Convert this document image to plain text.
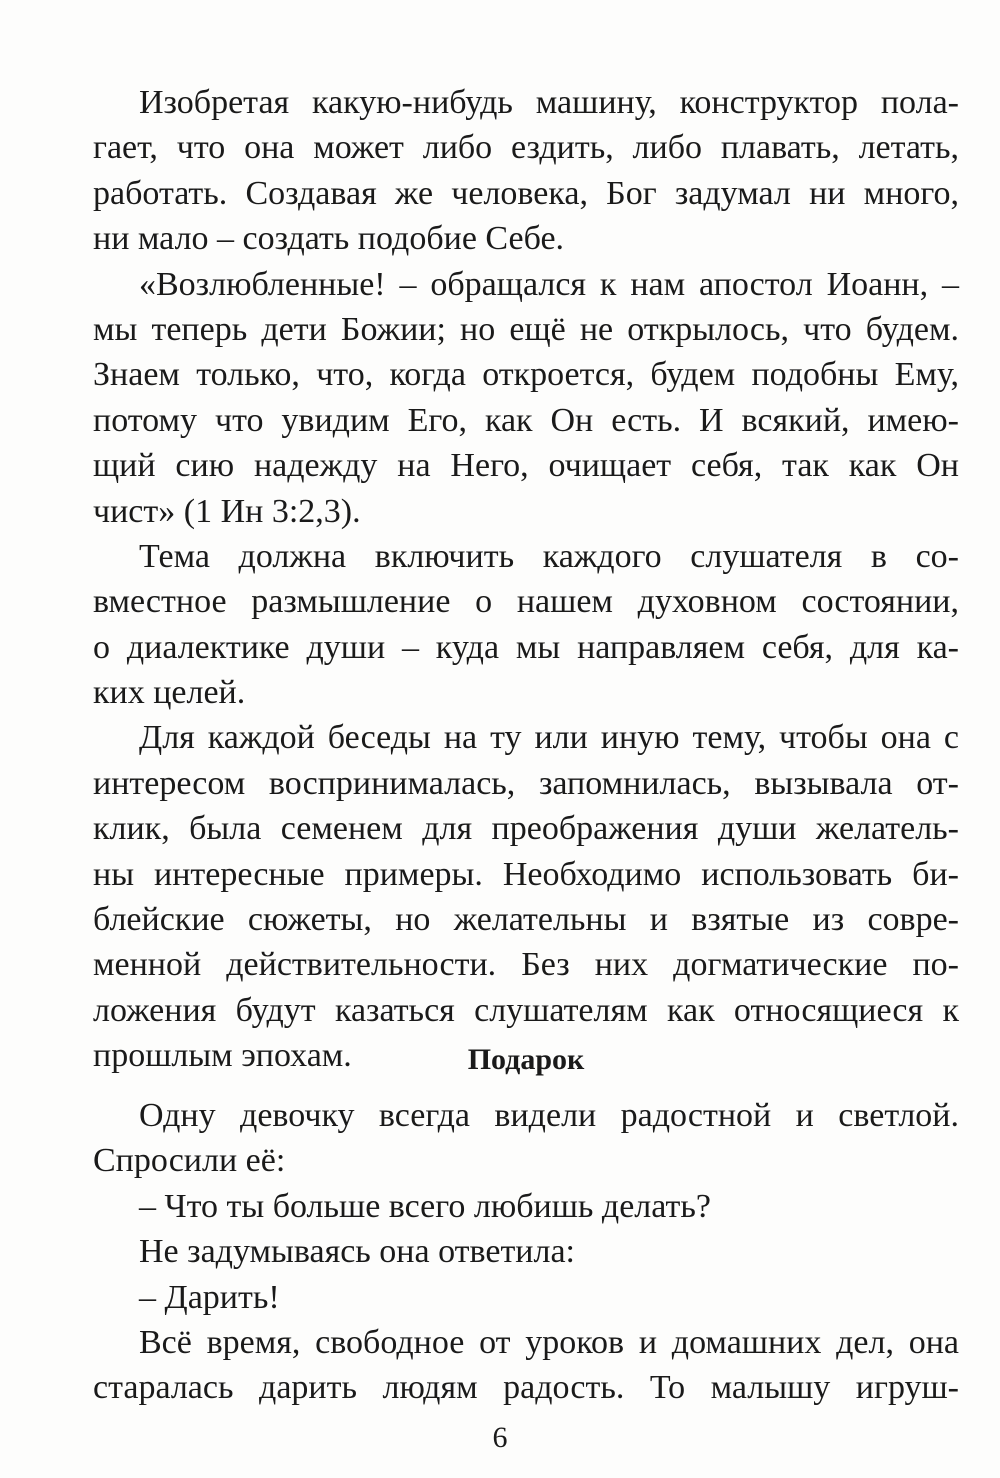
Изобретая какую-нибудь машину, конструктор пола-
гает, что она может либо ездить, либо плавать, летать,
работать. Создавая же человека, Бог задумал ни много,
ни мало – создать подобие Себе.
«Возлюбленные! – обращался к нам апостол Иоанн, –
мы теперь дети Божии; но ещё не открылось, что будем.
Знаем только, что, когда откроется, будем подобны Ему,
потому что увидим Его, как Он есть. И всякий, имею-
щий сию надежду на Него, очищает себя, так как Он
чист» (1 Ин 3:2,3).
Тема должна включить каждого слушателя в со-
вместное размышление о нашем духовном состоянии,
о диалектике души – куда мы направляем себя, для ка-
ких целей.
Для каждой беседы на ту или иную тему, чтобы она с
интересом воспринималась, запомнилась, вызывала от-
клик, была семенем для преображения души желатель-
ны интересные примеры. Необходимо использовать би-
блейские сюжеты, но желательны и взятые из совре-
менной действительности. Без них догматические по-
ложения будут казаться слушателям как относящиеся к
прошлым эпохам.	Подарок
Одну девочку всегда видели радостной и светлой.
Спросили её:
– Что ты больше всего любишь делать?
Не задумываясь она ответила:
– Дарить!
Всё время, свободное от уроков и домашних дел, она
старалась дарить людям радость. То малышу игруш-
6
